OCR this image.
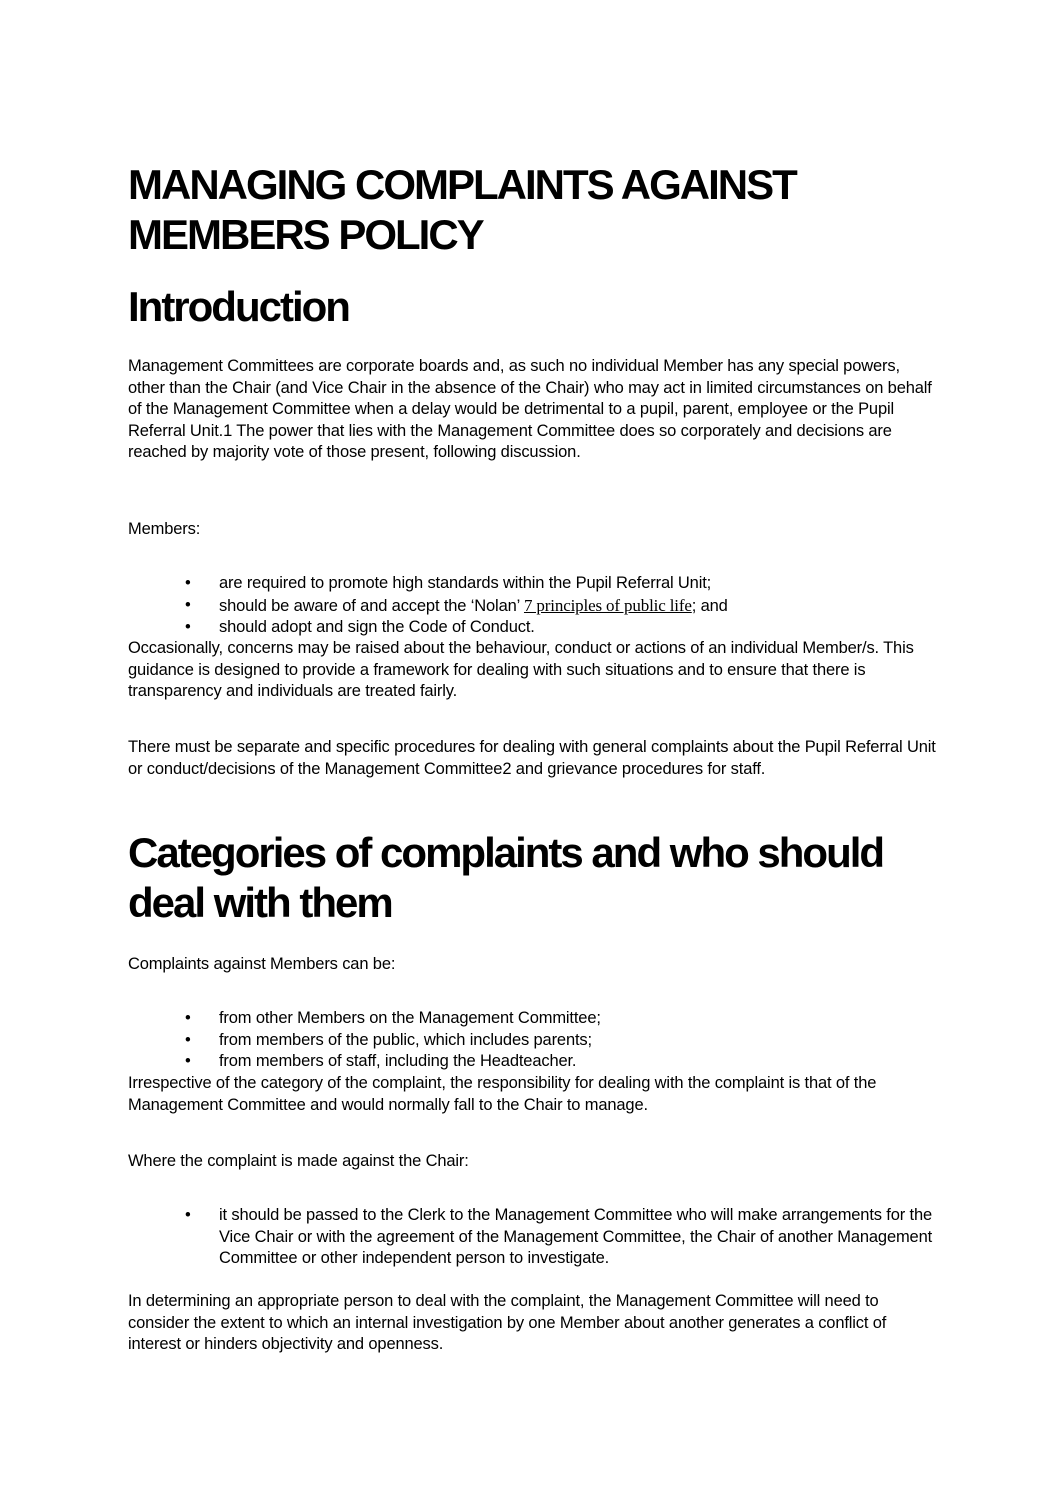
MANAGING COMPLAINTS AGAINST MEMBERS POLICY
Introduction
Management Committees are corporate boards and, as such no individual Member has any special powers, other than the Chair (and Vice Chair in the absence of the Chair) who may act in limited circumstances on behalf of the Management Committee when a delay would be detrimental to a pupil, parent, employee or the Pupil Referral Unit.1 The power that lies with the Management Committee does so corporately and decisions are reached by majority vote of those present, following discussion.
Members:
• are required to promote high standards within the Pupil Referral Unit;
• should be aware of and accept the ‘Nolan’ 7 principles of public life; and
• should adopt and sign the Code of Conduct.
Occasionally, concerns may be raised about the behaviour, conduct or actions of an individual Member/s. This guidance is designed to provide a framework for dealing with such situations and to ensure that there is transparency and individuals are treated fairly.
There must be separate and specific procedures for dealing with general complaints about the Pupil Referral Unit or conduct/decisions of the Management Committee2 and grievance procedures for staff.
Categories of complaints and who should deal with them
Complaints against Members can be:
• from other Members on the Management Committee;
• from members of the public, which includes parents;
• from members of staff, including the Headteacher.
Irrespective of the category of the complaint, the responsibility for dealing with the complaint is that of the Management Committee and would normally fall to the Chair to manage.
Where the complaint is made against the Chair:
• it should be passed to the Clerk to the Management Committee who will make arrangements for the Vice Chair or with the agreement of the Management Committee, the Chair of another Management Committee or other independent person to investigate.
In determining an appropriate person to deal with the complaint, the Management Committee will need to consider the extent to which an internal investigation by one Member about another generates a conflict of interest or hinders objectivity and openness.
